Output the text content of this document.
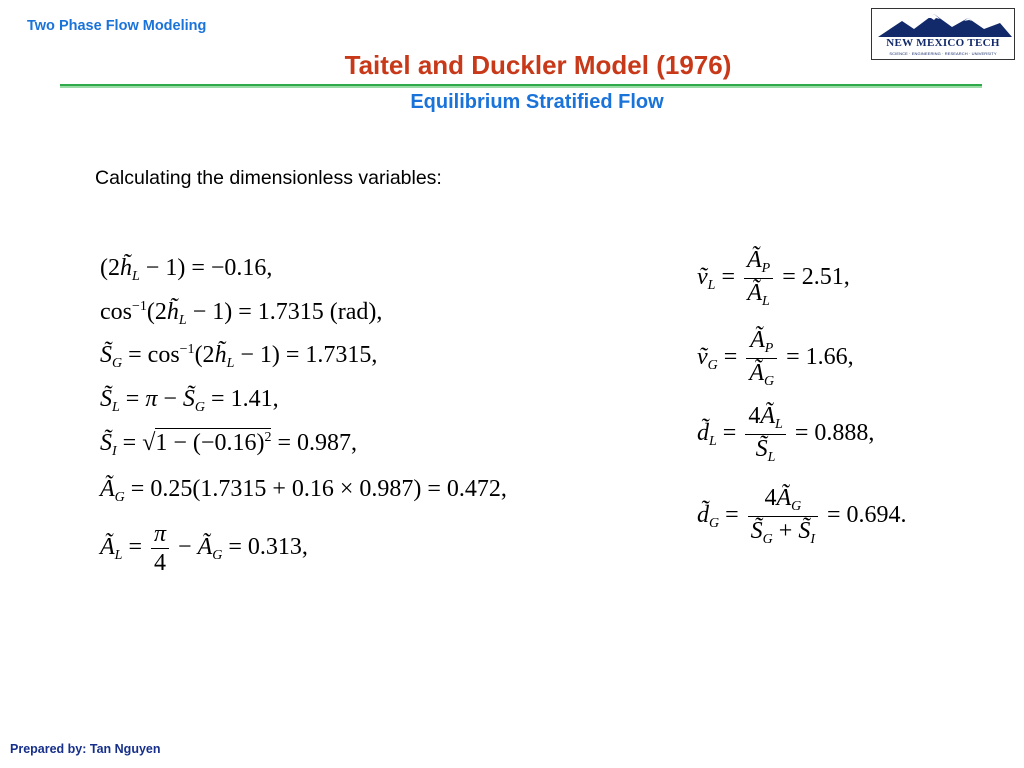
Two Phase Flow Modeling
NEW MEXICO TECH
SCIENCE · ENGINEERING · RESEARCH · UNIVERSITY
Taitel and Duckler Model (1976)
Equilibrium Stratified Flow
Calculating the dimensionless variables:
$(2h̃_L - 1) = -0.16$,
$\cos^{-1}(2h̃_L - 1) = 1.7315$ (rad),
$S̃_G$ = $\cos^{-1}(2h̃_L - 1) = 1.7315$,
$S̃_L = \pi$ − $S̃_G = 1.41$,
$S̃_I = √1 - (-0.16)^2 = 0.987$,
$Ã_G = 0.25(1.7315 + 0.16 \times 0.987) = 0.472$,
$Ã_L = \frac{\pi}{4}$ − $Ã_G = 0.313$,
ṽ$_L$ = $\frac{Ã_P}{Ã_L} = 2.51$,
ṽ$_G$ = $\frac{Ã_P}{Ã_G} = 1.66$,
$d̃_L = \frac{4Ã_L}{S̃_L} = 0.888$,
$d̃_G = \frac{4Ã_G}{S̃_G + S̃_I} = 0.694$.
Prepared by: Tan Nguyen
